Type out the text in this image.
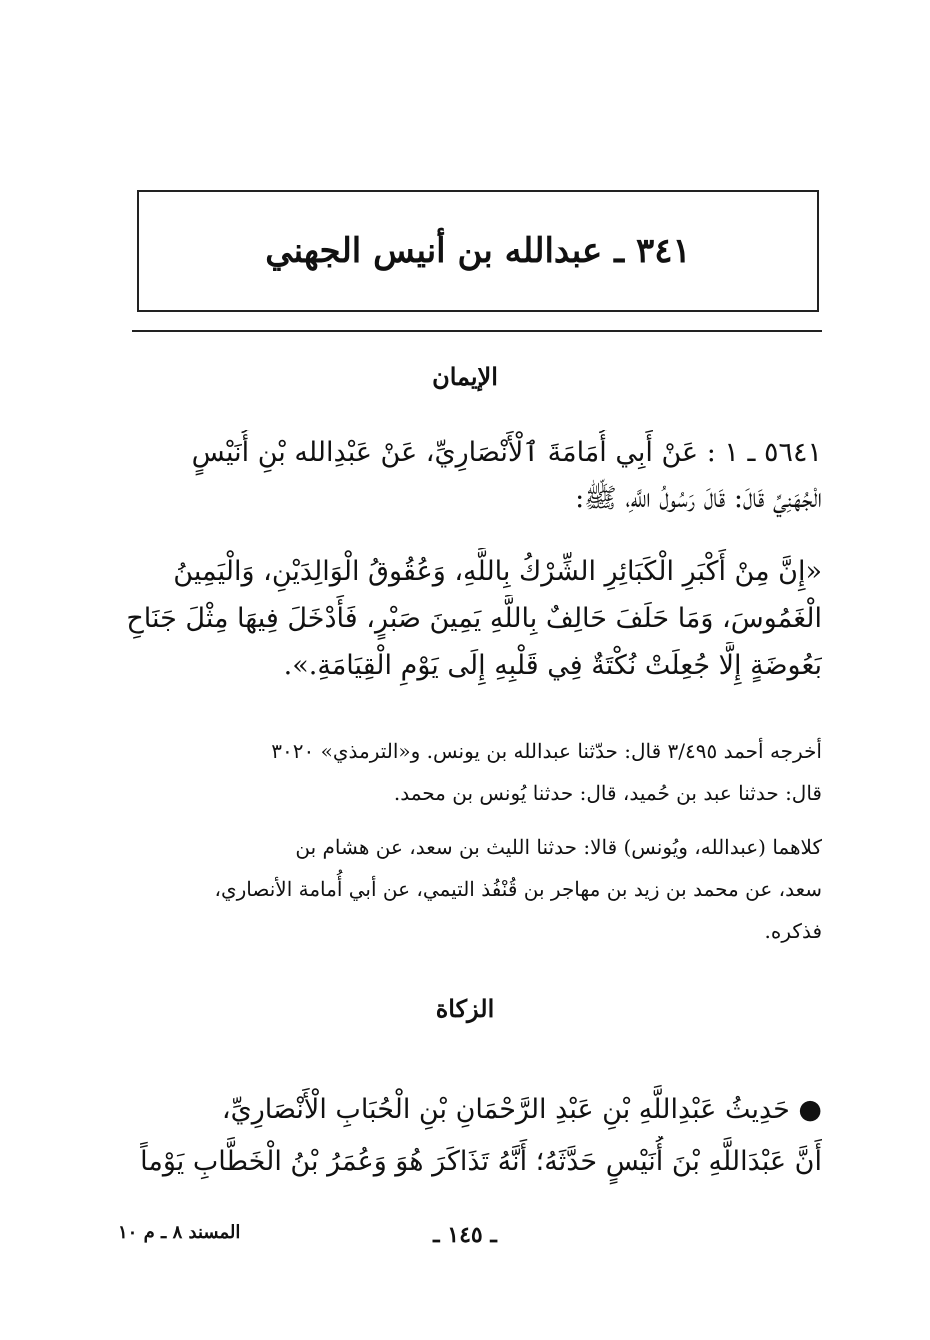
٣٤١ ـ عبدالله بن أنيس الجهني
الإيمان
٥٦٤١ ـ ١ : عَنْ أَبِي أُمَامَةَ ٱلْأَنْصَارِيِّ، عَنْ عَبْدِالله بْنِ أُنَيْسٍ
الْجُهَنِيِّ قَالَ: قَالَ رَسُولُ اللَّهِ، ﷺ:
«إِنَّ مِنْ أَكْبَرِ الْكَبَائِرِ الشِّرْكُ بِاللَّهِ، وَعُقُوقُ الْوَالِدَيْنِ، وَالْيَمِينُ
الْغَمُوسَ، وَمَا حَلَفَ حَالِفٌ بِاللَّهِ يَمِينَ صَبْرٍ، فَأَدْخَلَ فِيهَا مِثْلَ جَنَاحِ
بَعُوضَةٍ إِلَّا جُعِلَتْ نُكْتَةٌ فِي قَلْبِهِ إِلَى يَوْمِ الْقِيَامَةِ.».
أخرجه أحمد ٣/٤٩٥ قال: حدّثنا عبدالله بن يونس. و«الترمذي» ٣٠٢٠
قال: حدثنا عبد بن حُميد، قال: حدثنا يُونس بن محمد.
كلاهما (عبدالله، ويُونس) قالا: حدثنا الليث بن سعد، عن هشام بن
سعد، عن محمد بن زيد بن مهاجر بن قُنْفُذ التيمي، عن أبي أُمامة الأنصاري،
فذكره.
الزكاة
● حَدِيثُ عَبْدِاللَّهِ بْنِ عَبْدِ الرَّحْمَانِ بْنِ الْحُبَابِ الْأَنْصَارِيِّ،
أَنَّ عَبْدَاللَّهِ بْنَ أُنَيْسٍ حَدَّثَهُ؛ أَنَّهُ تَذَاكَرَ هُوَ وَعُمَرُ بْنُ الْخَطَّابِ يَوْماً
ـ ١٤٥ ـ
المسند ٨ ـ م ١٠
